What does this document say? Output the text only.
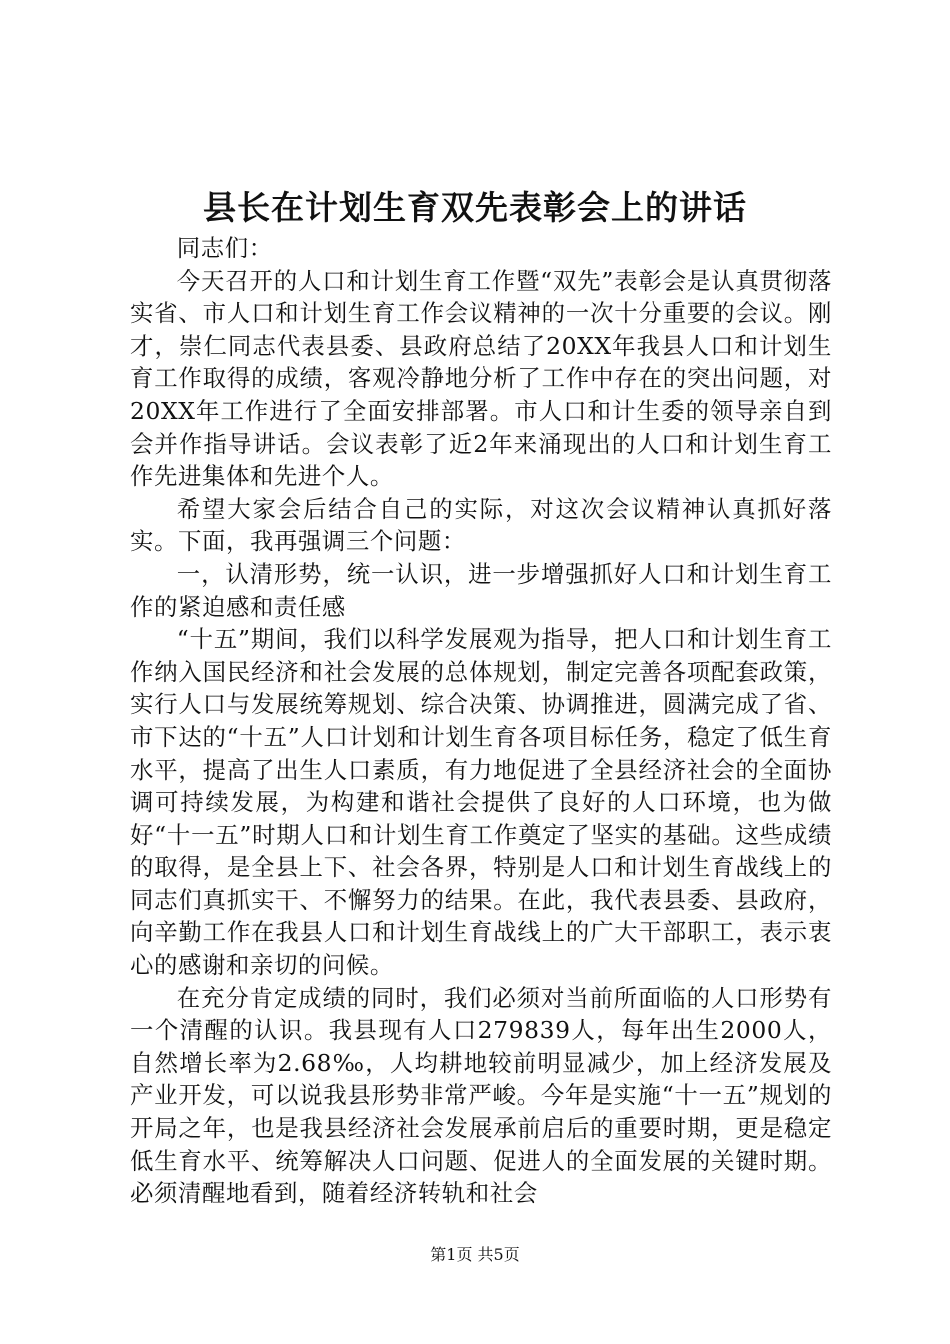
县长在计划生育双先表彰会上的讲话

同志们：

今天召开的人口和计划生育工作暨“双先”表彰会是认真贯彻落实省、市人口和计划生育工作会议精神的一次十分重要的会议。刚才，崇仁同志代表县委、县政府总结了20XX年我县人口和计划生育工作取得的成绩，客观冷静地分析了工作中存在的突出问题，对20XX年工作进行了全面安排部署。市人口和计生委的领导亲自到会并作指导讲话。会议表彰了近2年来涌现出的人口和计划生育工作先进集体和先进个人。

希望大家会后结合自己的实际，对这次会议精神认真抓好落实。下面，我再强调三个问题：

一，认清形势，统一认识，进一步增强抓好人口和计划生育工作的紧迫感和责任感

“十五”期间，我们以科学发展观为指导，把人口和计划生育工作纳入国民经济和社会发展的总体规划，制定完善各项配套政策，实行人口与发展统筹规划、综合决策、协调推进，圆满完成了省、市下达的“十五”人口计划和计划生育各项目标任务，稳定了低生育水平，提高了出生人口素质，有力地促进了全县经济社会的全面协调可持续发展，为构建和谐社会提供了良好的人口环境，也为做好“十一五”时期人口和计划生育工作奠定了坚实的基础。这些成绩的取得，是全县上下、社会各界，特别是人口和计划生育战线上的同志们真抓实干、不懈努力的结果。在此，我代表县委、县政府，向辛勤工作在我县人口和计划生育战线上的广大干部职工，表示衷心的感谢和亲切的问候。

在充分肯定成绩的同时，我们必须对当前所面临的人口形势有一个清醒的认识。我县现有人口279839人，每年出生2000人，自然增长率为2.68‰，人均耕地较前明显减少，加上经济发展及产业开发，可以说我县形势非常严峻。今年是实施“十一五”规划的开局之年，也是我县经济社会发展承前启后的重要时期，更是稳定低生育水平、统筹解决人口问题、促进人的全面发展的关键时期。必须清醒地看到，随着经济转轨和社会

第1页 共5页
